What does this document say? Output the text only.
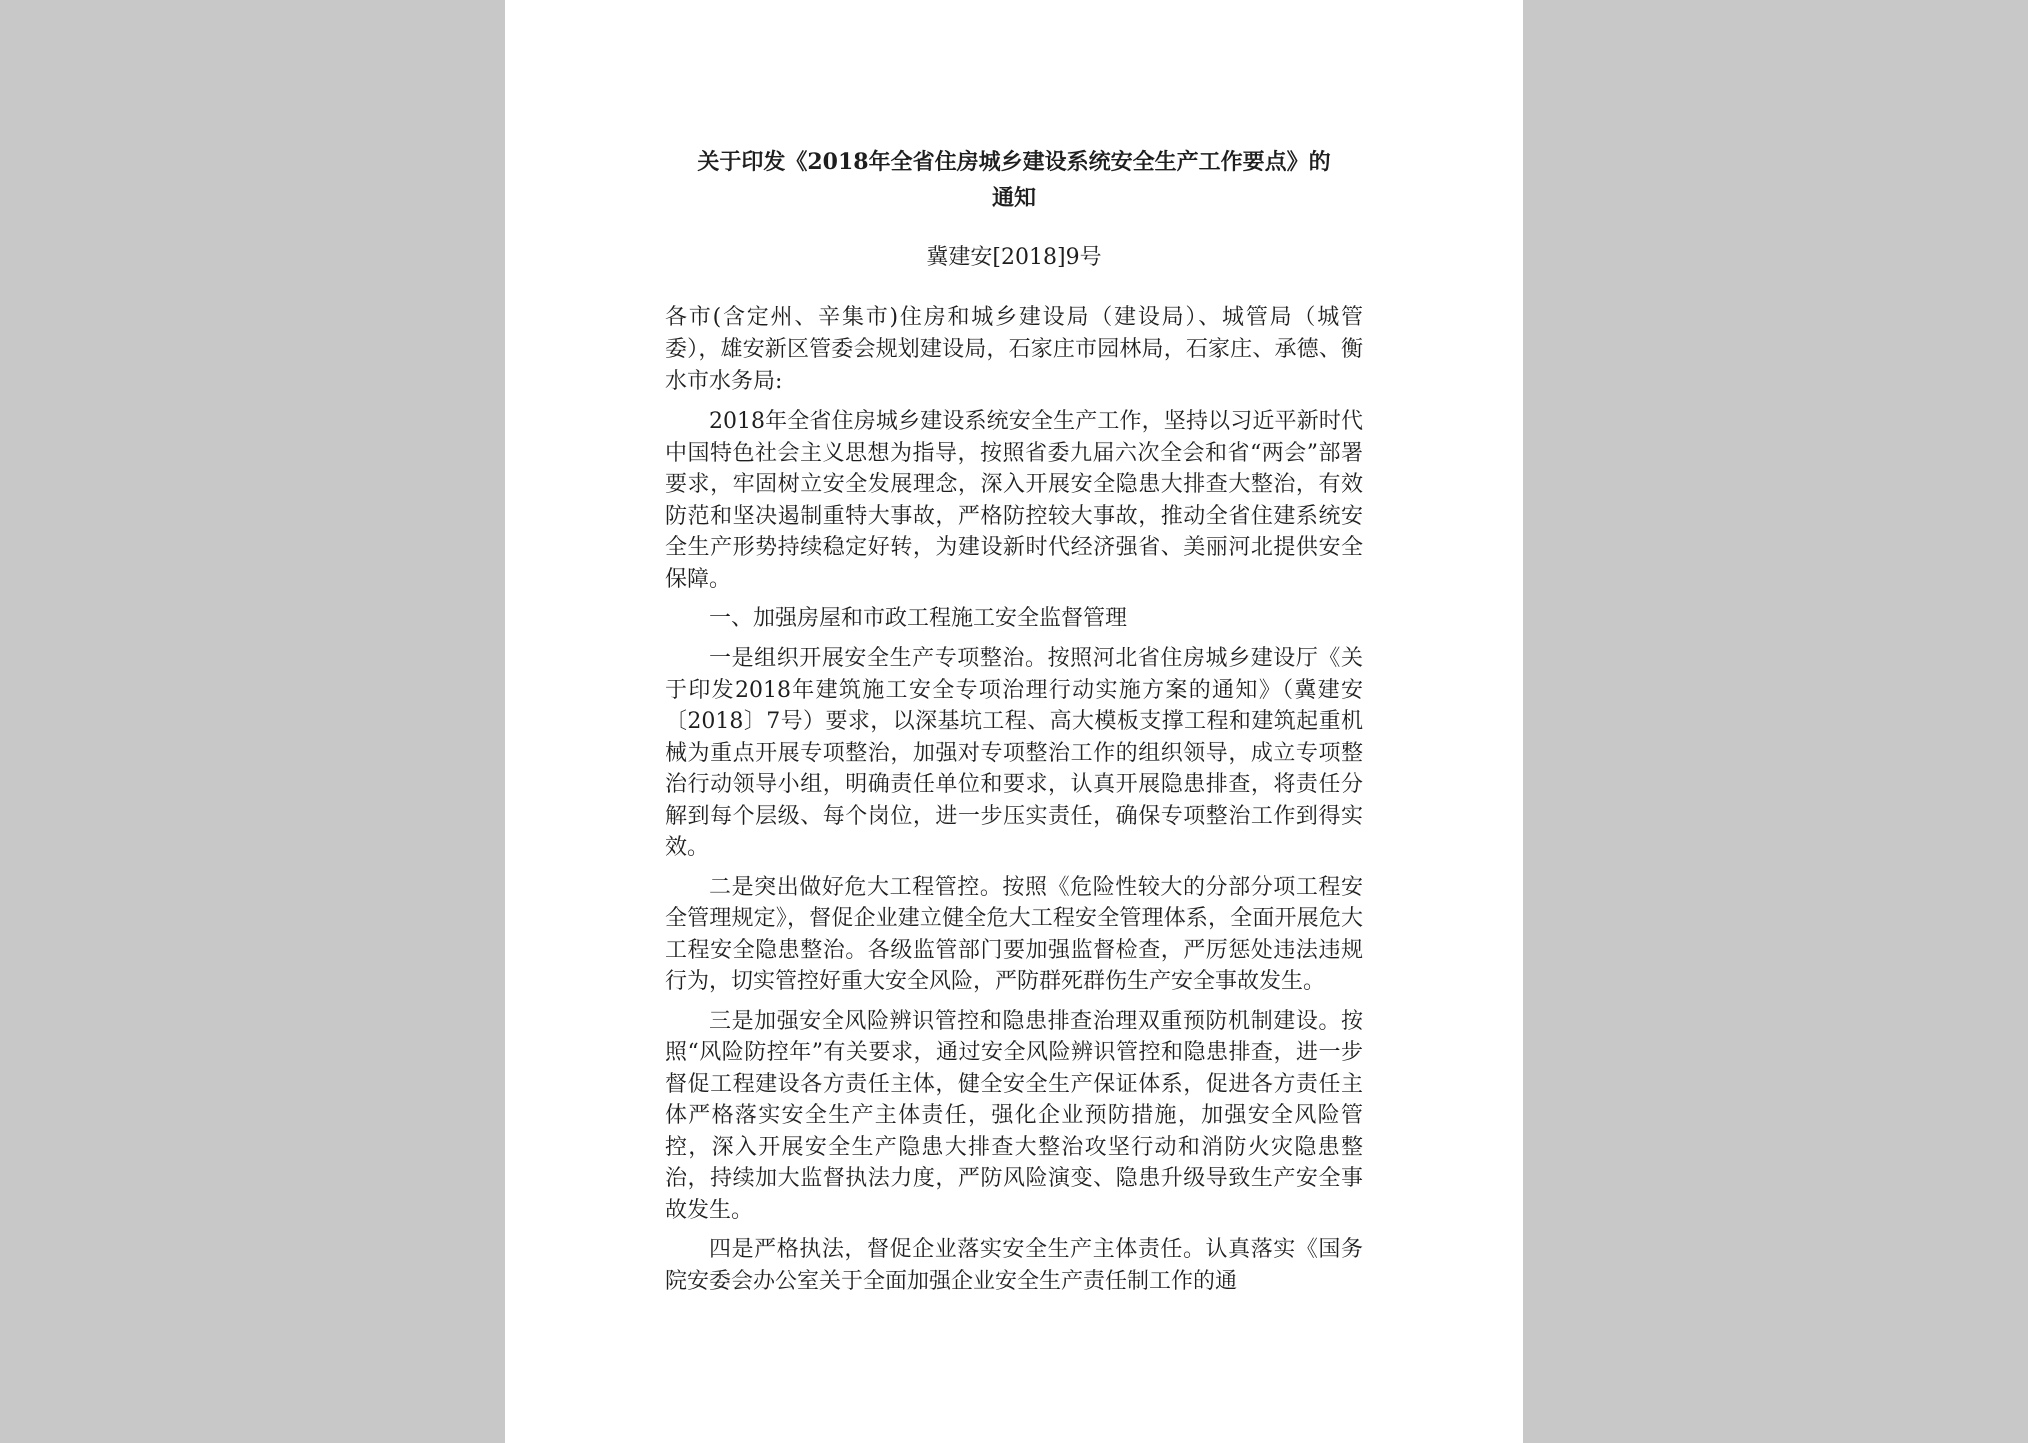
关于印发《2018年全省住房城乡建设系统安全生产工作要点》的
通知
冀建安[2018]9号
各市(含定州、辛集市)住房和城乡建设局（建设局）、城管局（城管委），雄安新区管委会规划建设局，石家庄市园林局，石家庄、承德、衡水市水务局:
2018年全省住房城乡建设系统安全生产工作，坚持以习近平新时代中国特色社会主义思想为指导，按照省委九届六次全会和省“两会”部署要求，牢固树立安全发展理念，深入开展安全隐患大排查大整治，有效防范和坚决遏制重特大事故，严格防控较大事故，推动全省住建系统安全生产形势持续稳定好转，为建设新时代经济强省、美丽河北提供安全保障。
一、加强房屋和市政工程施工安全监督管理
一是组织开展安全生产专项整治。按照河北省住房城乡建设厅《关于印发2018年建筑施工安全专项治理行动实施方案的通知》（冀建安〔2018〕7号）要求，以深基坑工程、高大模板支撑工程和建筑起重机械为重点开展专项整治，加强对专项整治工作的组织领导，成立专项整治行动领导小组，明确责任单位和要求，认真开展隐患排查，将责任分解到每个层级、每个岗位，进一步压实责任，确保专项整治工作到得实效。
二是突出做好危大工程管控。按照《危险性较大的分部分项工程安全管理规定》，督促企业建立健全危大工程安全管理体系，全面开展危大工程安全隐患整治。各级监管部门要加强监督检查，严厉惩处违法违规行为，切实管控好重大安全风险，严防群死群伤生产安全事故发生。
三是加强安全风险辨识管控和隐患排查治理双重预防机制建设。按照“风险防控年”有关要求，通过安全风险辨识管控和隐患排查，进一步督促工程建设各方责任主体，健全安全生产保证体系，促进各方责任主体严格落实安全生产主体责任，强化企业预防措施，加强安全风险管控，深入开展安全生产隐患大排查大整治攻坚行动和消防火灾隐患整治，持续加大监督执法力度，严防风险演变、隐患升级导致生产安全事故发生。
四是严格执法，督促企业落实安全生产主体责任。认真落实《国务院安委会办公室关于全面加强企业安全生产责任制工作的通
